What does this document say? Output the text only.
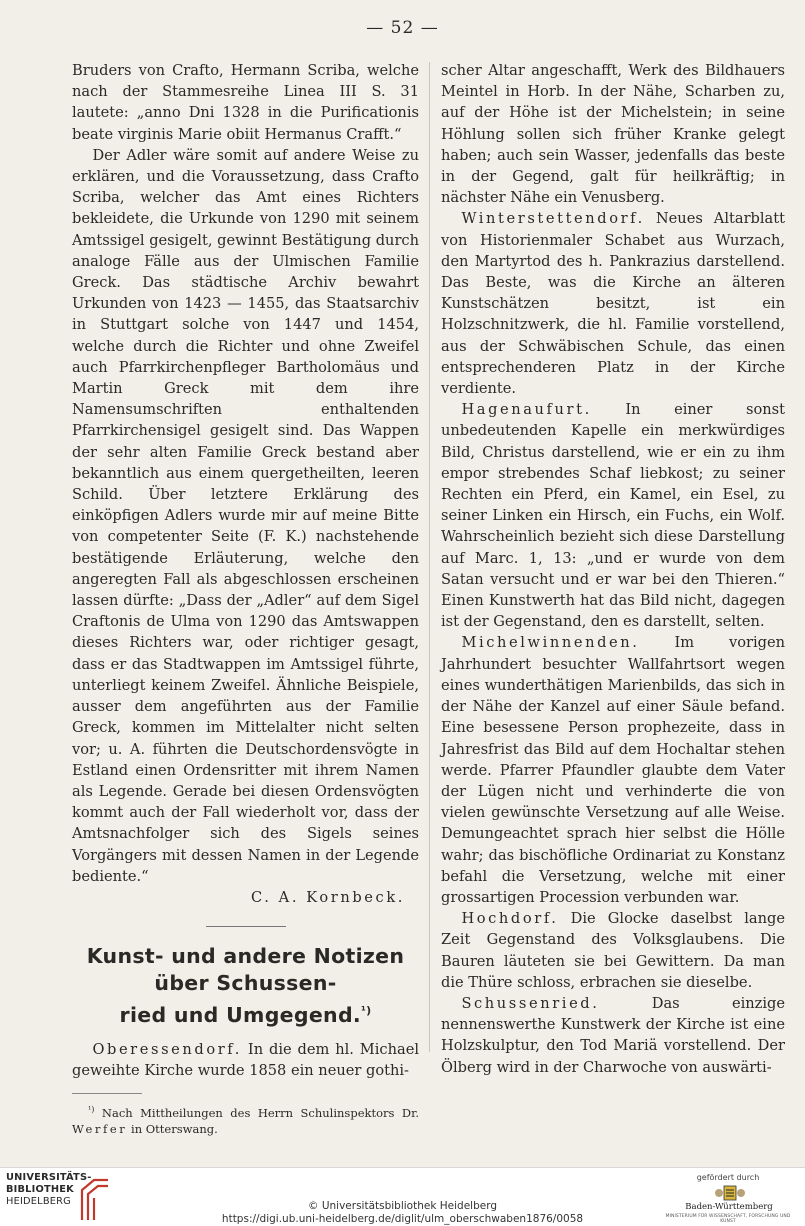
— 52 —

Bruders von Crafto, Hermann Scriba, welche nach der Stammesreihe Linea III S. 31 lautete: „anno Dni 1328 in die Purificationis beate virginis Marie obiit Hermanus Crafft.“

Der Adler wäre somit auf andere Weise zu erklären, und die Voraussetzung, dass Crafto Scriba, welcher das Amt eines Richters bekleidete, die Urkunde von 1290 mit seinem Amtssigel gesigelt, gewinnt Bestätigung durch analoge Fälle aus der Ulmischen Familie Greck. Das städtische Archiv bewahrt Urkunden von 1423 — 1455, das Staatsarchiv in Stuttgart solche von 1447 und 1454, welche durch die Richter und ohne Zweifel auch Pfarrkirchenpfleger Bartholomäus und Martin Greck mit dem ihre Namensumschriften enthaltenden Pfarrkirchensigel gesigelt sind. Das Wappen der sehr alten Familie Greck bestand aber bekanntlich aus einem quergetheilten, leeren Schild. Über letztere Erklärung des einköpfigen Adlers wurde mir auf meine Bitte von competenter Seite (F. K.) nachstehende bestätigende Erläuterung, welche den angeregten Fall als abgeschlossen erscheinen lassen dürfte: „Dass der „Adler“ auf dem Sigel Craftonis de Ulma von 1290 das Amtswappen dieses Richters war, oder richtiger gesagt, dass er das Stadtwappen im Amtssigel führte, unterliegt keinem Zweifel. Ähnliche Beispiele, ausser dem angeführten aus der Familie Greck, kommen im Mittelalter nicht selten vor; u. A. führten die Deutschordensvögte in Estland einen Ordensritter mit ihrem Namen als Legende. Gerade bei diesen Ordensvögten kommt auch der Fall wiederholt vor, dass der Amtsnachfolger sich des Sigels seines Vorgängers mit dessen Namen in der Legende bediente.“

C. A. Kornbeck.

Kunst- und andere Notizen über Schussen-
ried und Umgegend.$^{^1)}$

Oberessendorf. In die dem hl. Michael geweihte Kirche wurde 1858 ein neuer gothi-

$^{^1)}$ Nach Mittheilungen des Herrn Schulinspektors Dr. Werfer in Otterswang.

scher Altar angeschafft, Werk des Bildhauers Meintel in Horb. In der Nähe, Scharben zu, auf der Höhe ist der Michelstein; in seine Höhlung sollen sich früher Kranke gelegt haben; auch sein Wasser, jedenfalls das beste in der Gegend, galt für heilkräftig; in nächster Nähe ein Venusberg.

Winterstettendorf. Neues Altarblatt von Historienmaler Schabet aus Wurzach, den Martyrtod des h. Pankrazius darstellend. Das Beste, was die Kirche an älteren Kunstschätzen besitzt, ist ein Holzschnitzwerk, die hl. Familie vorstellend, aus der Schwäbischen Schule, das einen entsprechenderen Platz in der Kirche verdiente.

Hagenaufurt. In einer sonst unbedeutenden Kapelle ein merkwürdiges Bild, Christus darstellend, wie er ein zu ihm empor strebendes Schaf liebkost; zu seiner Rechten ein Pferd, ein Kamel, ein Esel, zu seiner Linken ein Hirsch, ein Fuchs, ein Wolf. Wahrscheinlich bezieht sich diese Darstellung auf Marc. 1, 13: „und er wurde von dem Satan versucht und er war bei den Thieren.“ Einen Kunstwerth hat das Bild nicht, dagegen ist der Gegenstand, den es darstellt, selten.

Michelwinnenden. Im vorigen Jahrhundert besuchter Wallfahrtsort wegen eines wunderthätigen Marienbilds, das sich in der Nähe der Kanzel auf einer Säule befand. Eine besessene Person prophezeite, dass in Jahresfrist das Bild auf dem Hochaltar stehen werde. Pfarrer Pfaundler glaubte dem Vater der Lügen nicht und verhinderte die von vielen gewünschte Versetzung auf alle Weise. Demungeachtet sprach hier selbst die Hölle wahr; das bischöfliche Ordinariat zu Konstanz befahl die Versetzung, welche mit einer grossartigen Procession verbunden war.

Hochdorf. Die Glocke daselbst lange Zeit Gegenstand des Volksglaubens. Die Bauren läuteten sie bei Gewittern. Da man die Thüre schloss, erbrachen sie dieselbe.

Schussenried. Das einzige nennenswerthe Kunstwerk der Kirche ist eine Holzskulptur, den Tod Mariä vorstellend. Der Ölberg wird in der Charwoche von auswärti-

UNIVERSITÄTS-
BIBLIOTHEK
HEIDELBERG	© Universitätsbibliothek Heidelberg
https://digi.ub.uni-heidelberg.de/diglit/ulm_oberschwaben1876/0058
gefördert durch
Baden-Württemberg
MINISTERIUM FÜR WISSENSCHAFT, FORSCHUNG UND KUNST
